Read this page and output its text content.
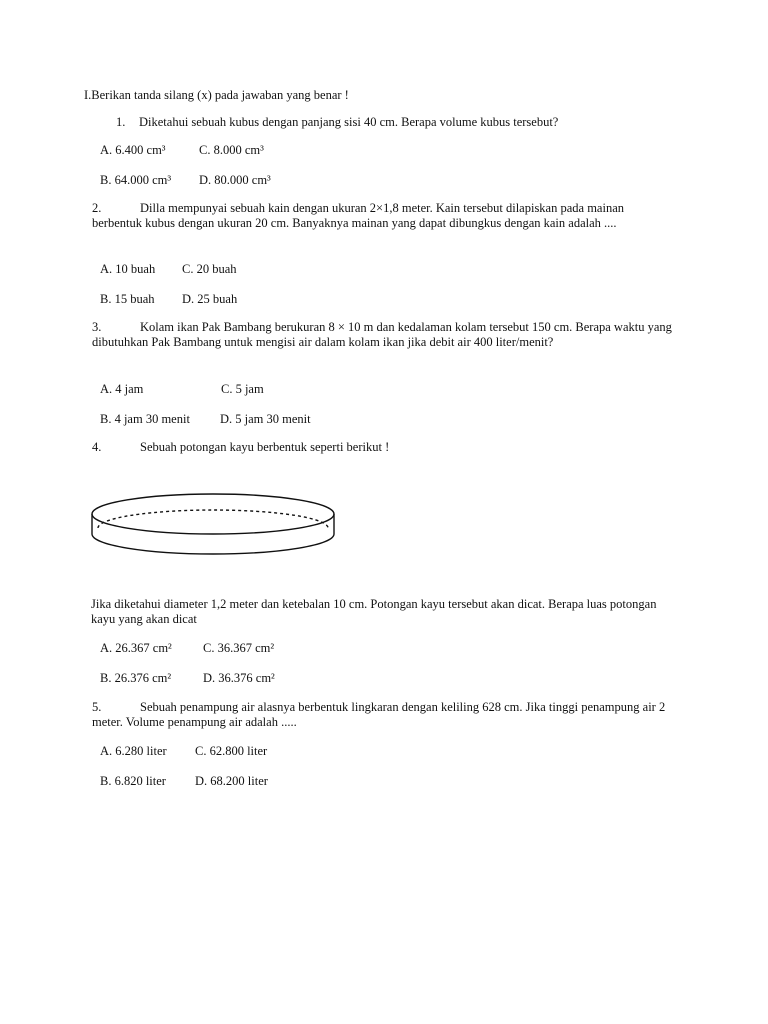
I.Berikan tanda silang (x) pada jawaban yang benar !
1. Diketahui sebuah kubus dengan panjang sisi 40 cm. Berapa volume kubus tersebut?
A. 6.400 cm³	C. 8.000 cm³
B. 64.000 cm³ D. 80.000 cm³
2.	Dilla mempunyai sebuah kain dengan ukuran 2×1,8 meter. Kain tersebut dilapiskan pada mainan berbentuk kubus dengan ukuran 20 cm. Banyaknya mainan yang dapat dibungkus dengan kain adalah ....
A. 10 buah C. 20 buah
B. 15 buah D. 25 buah
3.	Kolam ikan Pak Bambang berukuran 8 × 10 m dan kedalaman kolam tersebut 150 cm. Berapa waktu yang dibutuhkan Pak Bambang untuk mengisi air dalam kolam ikan jika debit air 400 liter/menit?
A. 4 jam	C. 5 jam
B. 4 jam 30 menit D. 5 jam 30 menit
4.	Sebuah potongan kayu berbentuk seperti berikut !
Jika diketahui diameter 1,2 meter dan ketebalan 10 cm. Potongan kayu tersebut akan dicat. Berapa luas potongan kayu yang akan dicat
A. 26.367 cm² C. 36.367 cm²
B. 26.376 cm²	D. 36.376 cm²
5.	Sebuah penampung air alasnya berbentuk lingkaran dengan keliling 628 cm. Jika tinggi penampung air 2 meter. Volume penampung air adalah .....
A. 6.280 liter C. 62.800 liter
B. 6.820 liter D. 68.200 liter
